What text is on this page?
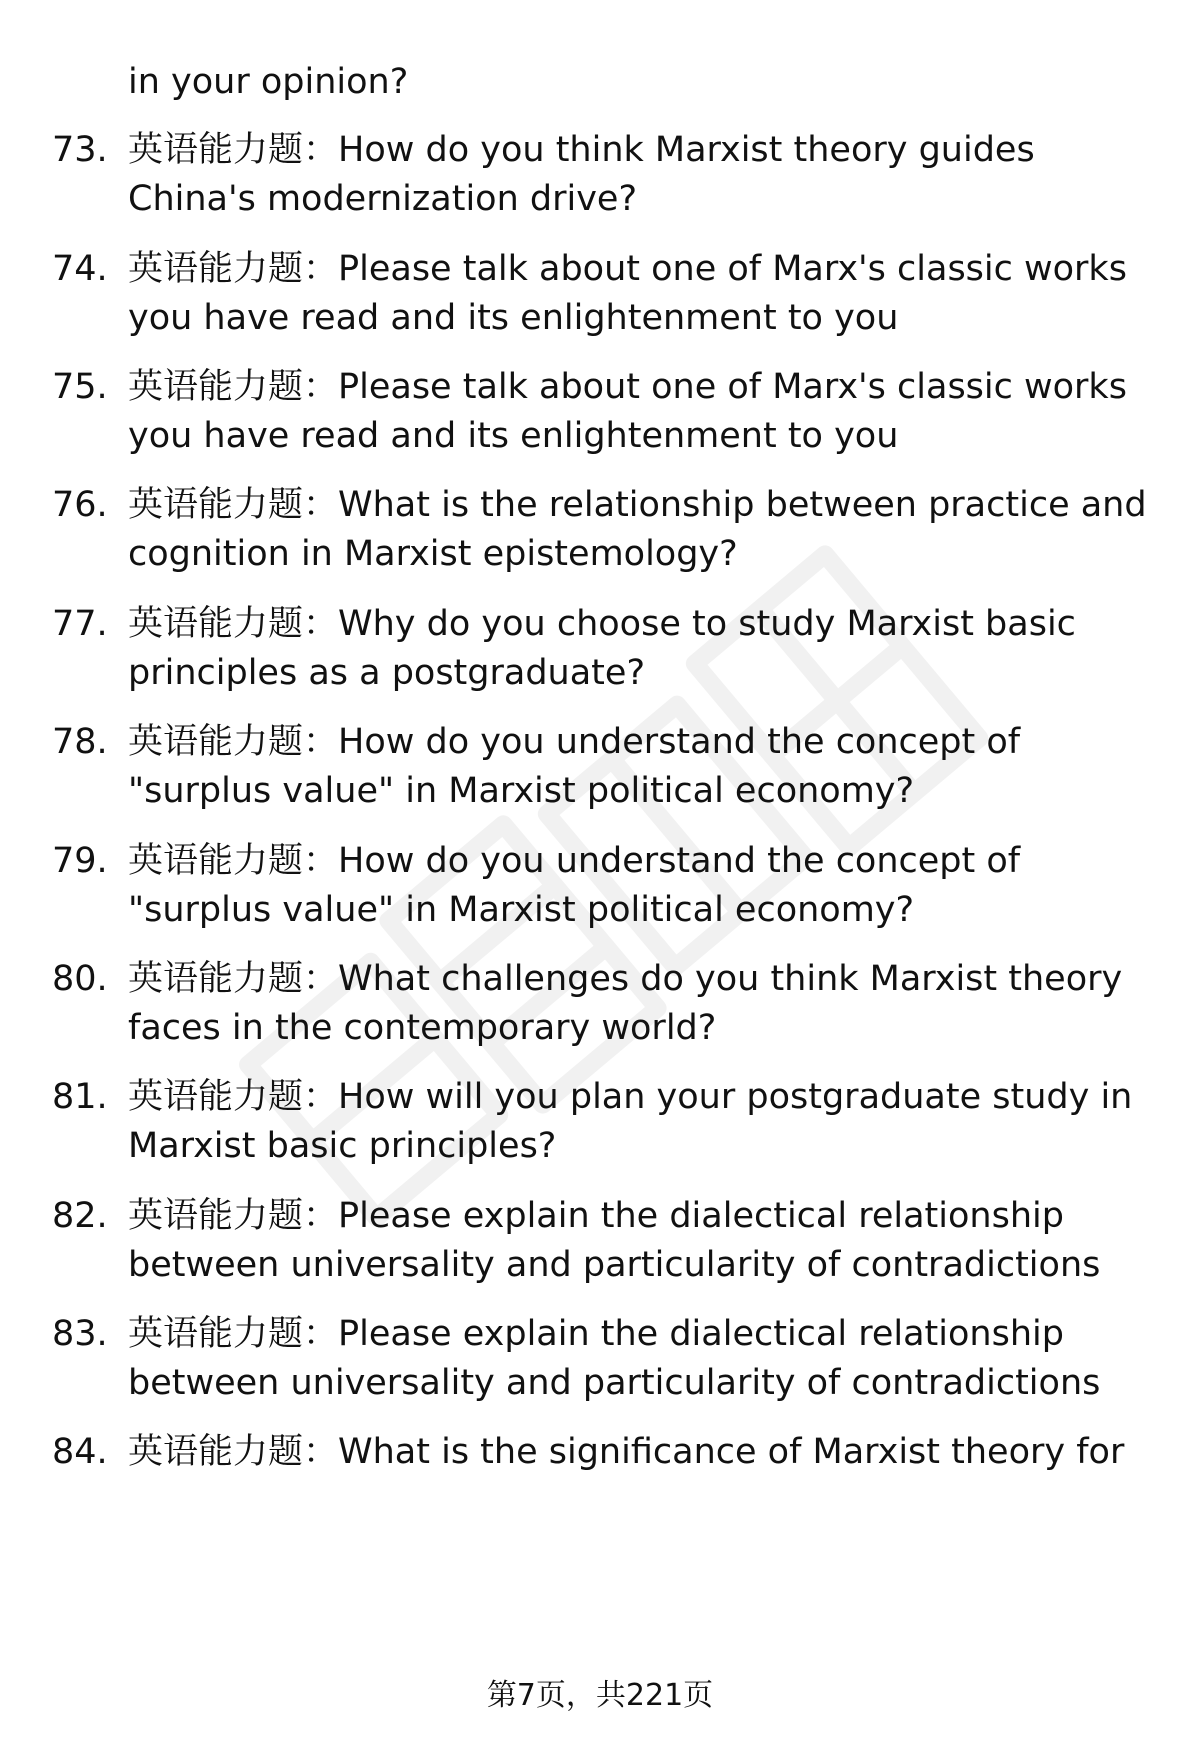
in your opinion?
73. 英语能力题：How do you think Marxist theory guides
China's modernization drive?
74. 英语能力题：Please talk about one of Marx's classic works
you have read and its enlightenment to you
75. 英语能力题：Please talk about one of Marx's classic works
you have read and its enlightenment to you
76. 英语能力题：What is the relationship between practice and
cognition in Marxist epistemology?
77. 英语能力题：Why do you choose to study Marxist basic
principles as a postgraduate?
78. 英语能力题：How do you understand the concept of
"surplus value" in Marxist political economy?
79. 英语能力题：How do you understand the concept of
"surplus value" in Marxist political economy?
80. 英语能力题：What challenges do you think Marxist theory
faces in the contemporary world?
81. 英语能力题：How will you plan your postgraduate study in
Marxist basic principles?
82. 英语能力题：Please explain the dialectical relationship
between universality and particularity of contradictions
83. 英语能力题：Please explain the dialectical relationship
between universality and particularity of contradictions
84. 英语能力题：What is the significance of Marxist theory for
第7页，共221页
